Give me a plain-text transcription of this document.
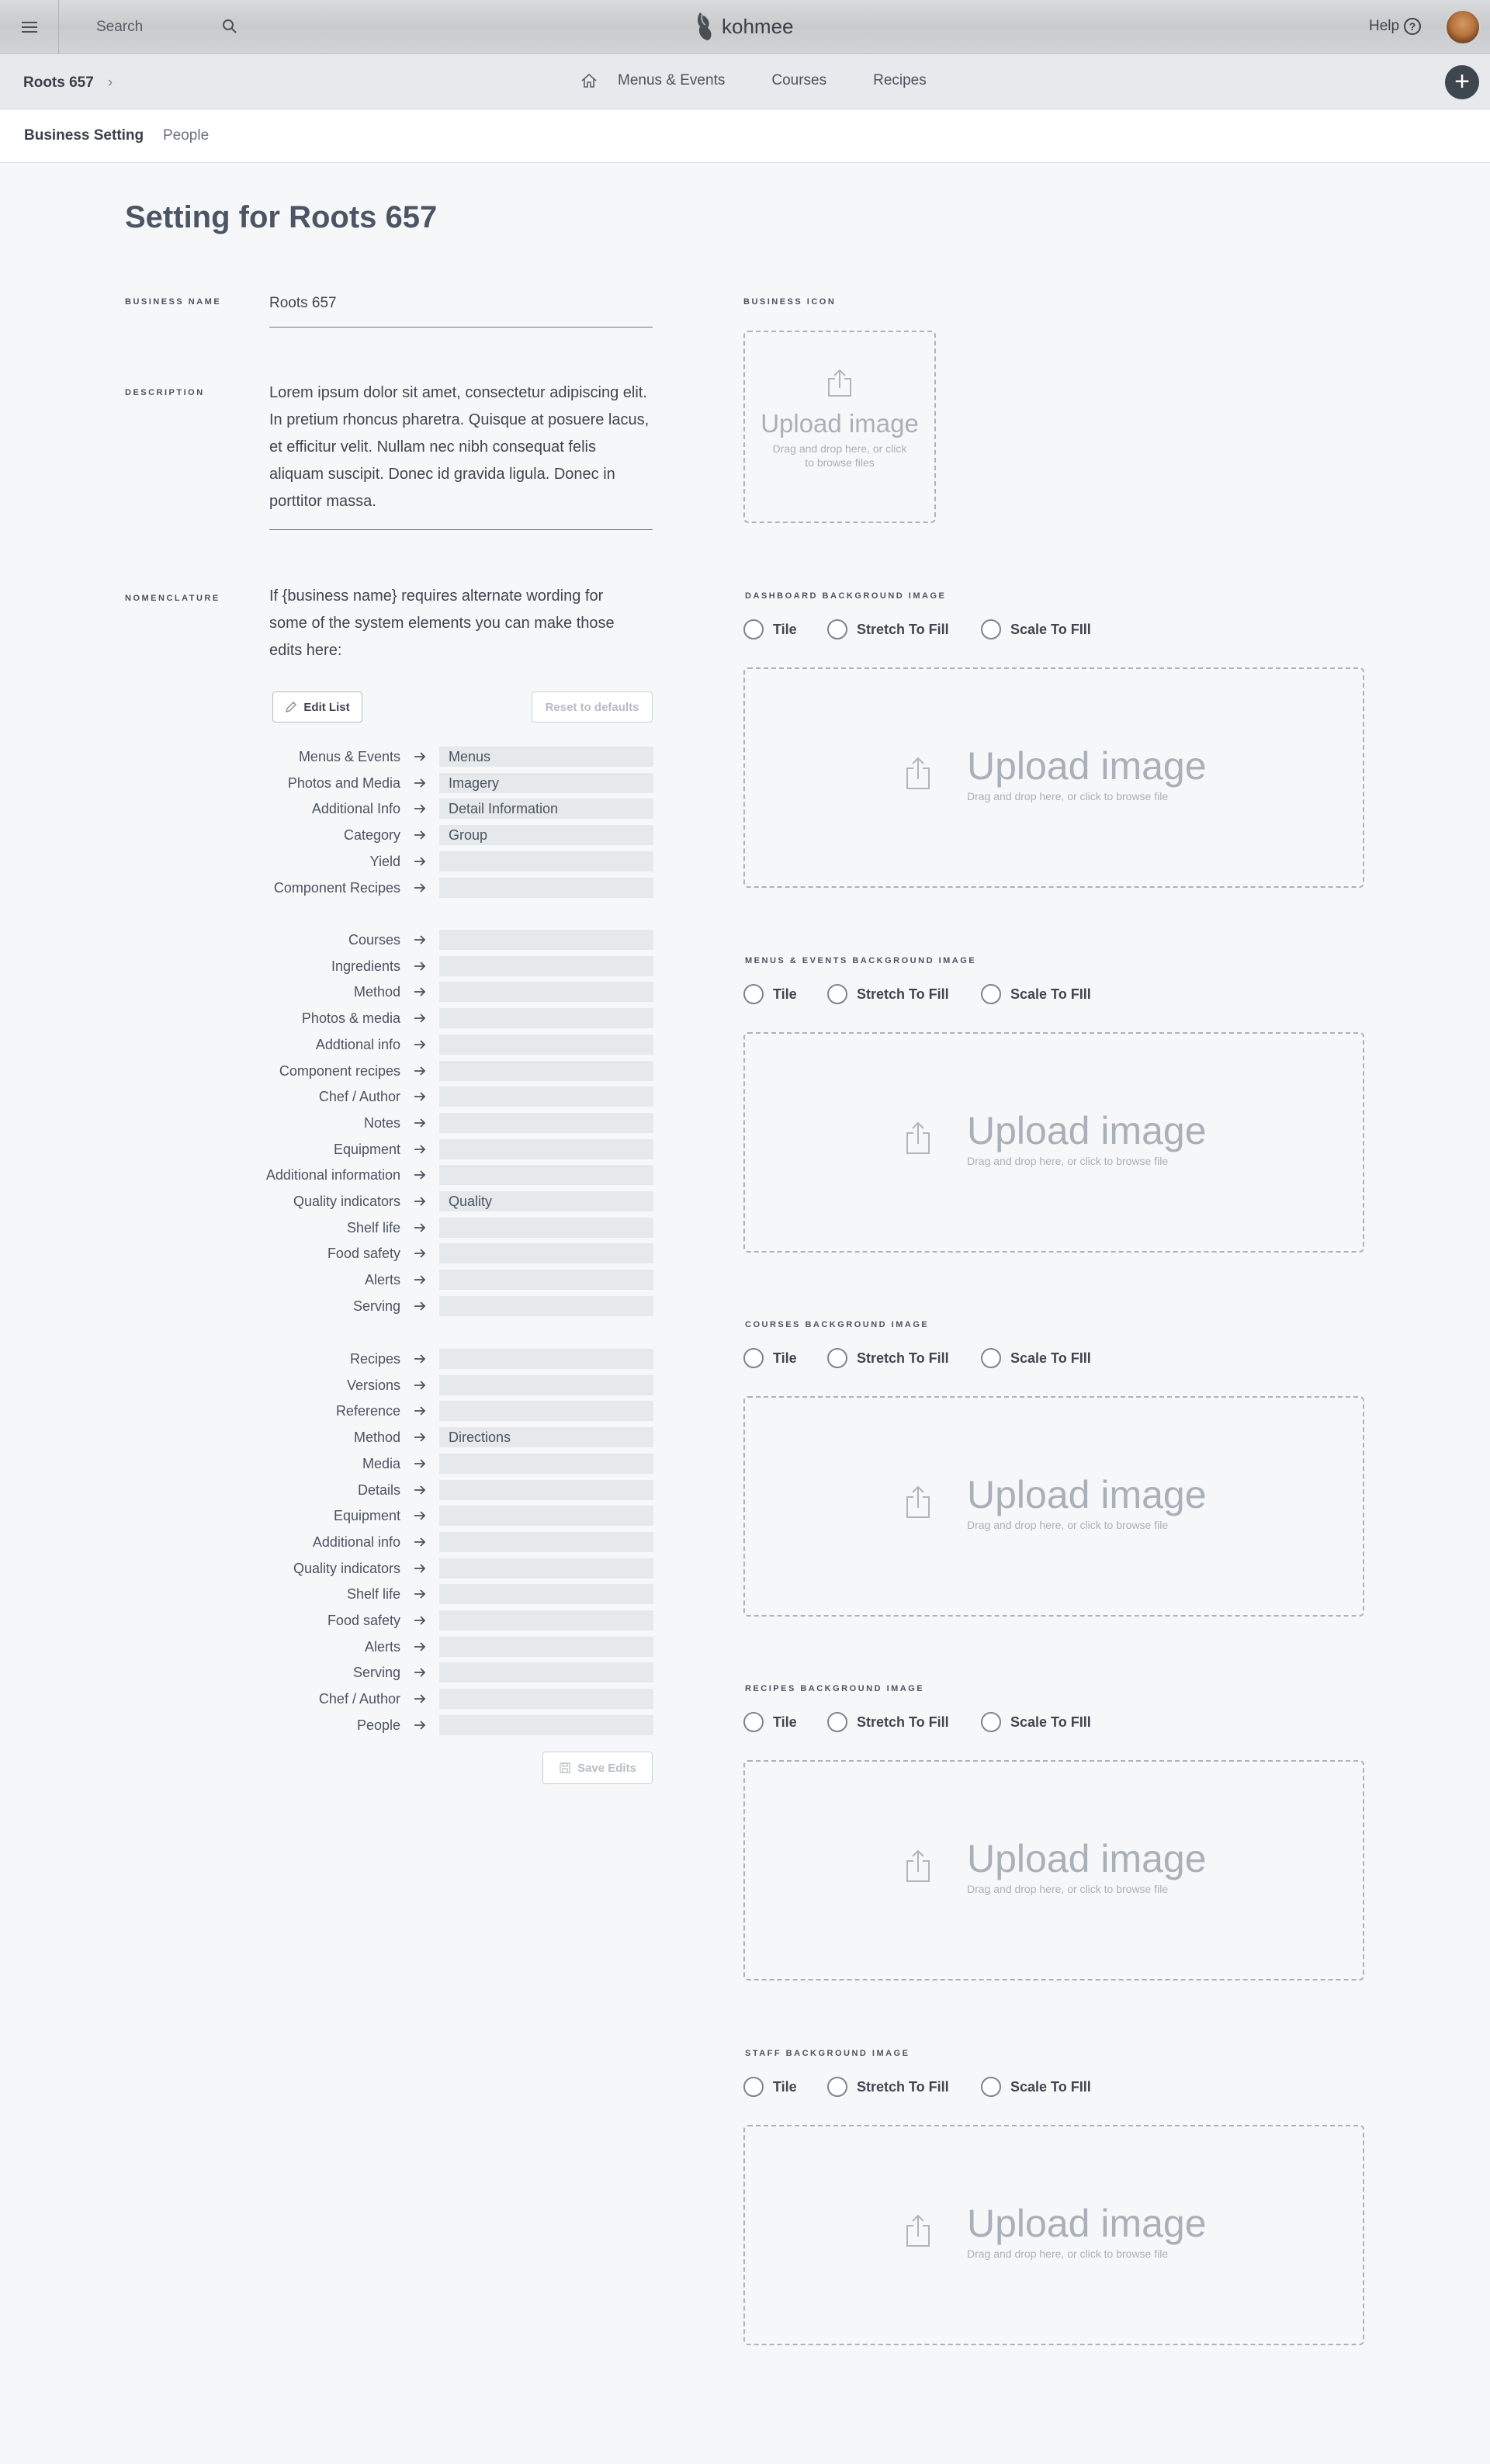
Search	kohmee	Help ?
Roots 657 ›	Menus & Events	Courses	Recipes	+
Business Setting People
Setting for Roots 657
BUSINESS NAME	Roots 657
DESCRIPTION	Lorem ipsum dolor sit amet, consectetur adipiscing elit. In pretium rhoncus pharetra. Quisque at posuere lacus, et efficitur velit. Nullam nec nibh consequat felis aliquam suscipit. Donec id gravida ligula. Donec in porttitor massa.
NOMENCLATURE	If {business name} requires alternate wording for some of the system elements you can make those edits here:
Edit List	Reset to defaults
Menus & Events	Menus
Photos and Media	Imagery
Additional Info	Detail Information
Category	Group
Yield
Component Recipes
Courses
Ingredients
Method
Photos & media
Addtional info
Component recipes
Chef / Author
Notes
Equipment
Additional information
Quality indicators	Quality
Shelf life
Food safety
Alerts
Serving
Recipes
Versions
Reference
Method	Directions
Media
Details
Equipment
Additional info
Quality indicators
Shelf life
Food safety
Alerts
Serving
Chef / Author
People
Save Edits
BUSINESS ICON
Upload image
Drag and drop here, or click to browse files
DASHBOARD BACKGROUND IMAGE
Tile	Stretch To Fill	Scale To FIll
Upload image
Drag and drop here, or click to browse file
MENUS & EVENTS BACKGROUND IMAGE
Tile	Stretch To Fill	Scale To FIll
Upload image
Drag and drop here, or click to browse file
COURSES BACKGROUND IMAGE
Tile	Stretch To Fill	Scale To FIll
Upload image
Drag and drop here, or click to browse file
RECIPES BACKGROUND IMAGE
Tile	Stretch To Fill	Scale To FIll
Upload image
Drag and drop here, or click to browse file
STAFF BACKGROUND IMAGE
Tile	Stretch To Fill	Scale To FIll
Upload image
Drag and drop here, or click to browse file
